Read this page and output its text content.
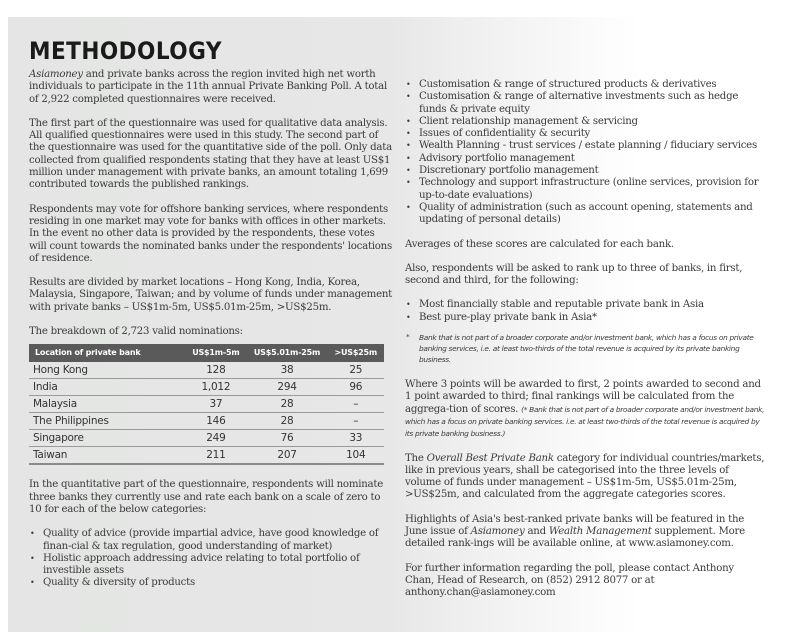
METHODOLOGY

Asiamoney and private banks across the region invited high net worth individuals to participate in the 11th annual Private Banking Poll. A total of 2,922 completed questionnaires were received.

The first part of the questionnaire was used for qualitative data analysis. All qualified questionnaires were used in this study. The second part of the questionnaire was used for the quantitative side of the poll. Only data collected from qualified respondents stating that they have at least US$1 million under management with private banks, an amount totaling 1,699 contributed towards the published rankings.

Respondents may vote for offshore banking services, where respondents residing in one market may vote for banks with offices in other markets. In the event no other data is provided by the respondents, these votes will count towards the nominated banks under the respondents' locations of residence.

Results are divided by market locations – Hong Kong, India, Korea, Malaysia, Singapore, Taiwan; and by volume of funds under management with private banks – US$1m-5m, US$5.01m-25m, >US$25m.

The breakdown of 2,723 valid nominations:

Location of private bank	US$1m-5m	US$5.01m-25m	>US$25m
Hong Kong	128	38	25
India	1,012	294	96
Malaysia	37	28	–
The Philippines	146	28	–
Singapore	249	76	33
Taiwan	211	207	104

In the quantitative part of the questionnaire, respondents will nominate three banks they currently use and rate each bank on a scale of zero to 10 for each of the below categories:

• Quality of advice (provide impartial advice, have good knowledge of finan-cial & tax regulation, good understanding of market)
• Holistic approach addressing advice relating to total portfolio of investible assets
• Quality & diversity of products
• Customisation & range of structured products & derivatives
• Customisation & range of alternative investments such as hedge funds & private equity
• Client relationship management & servicing
• Issues of confidentiality & security
• Wealth Planning - trust services / estate planning / fiduciary services
• Advisory portfolio management
• Discretionary portfolio management
• Technology and support infrastructure (online services, provision for up-to-date evaluations)
• Quality of administration (such as account opening, statements and updating of personal details)

Averages of these scores are calculated for each bank.

Also, respondents will be asked to rank up to three of banks, in first, second and third, for the following:

• Most financially stable and reputable private bank in Asia
• Best pure-play private bank in Asia*
* Bank that is not part of a broader corporate and/or investment bank, which has a focus on private banking services, i.e. at least two-thirds of the total revenue is acquired by its private banking business.

Where 3 points will be awarded to first, 2 points awarded to second and 1 point awarded to third; final rankings will be calculated from the aggrega-tion of scores. (* Bank that is not part of a broader corporate and/or investment bank, which has a focus on private banking services. i.e. at least two-thirds of the total revenue is acquired by its private banking business.)

The Overall Best Private Bank category for individual countries/markets, like in previous years, shall be categorised into the three levels of volume of funds under management – US$1m-5m, US$5.01m-25m, >US$25m, and calculated from the aggregate categories scores.

Highlights of Asia's best-ranked private banks will be featured in the June issue of Asiamoney and Wealth Management supplement. More detailed rank-ings will be available online, at www.asiamoney.com.

For further information regarding the poll, please contact Anthony Chan, Head of Research, on (852) 2912 8077 or at anthony.chan@asiamoney.com
